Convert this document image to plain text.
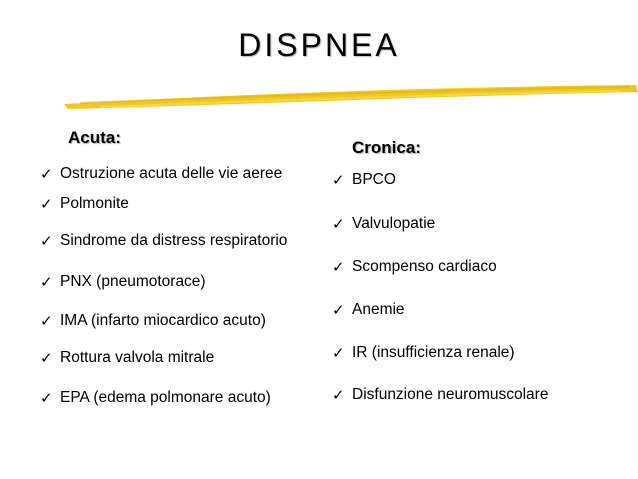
DISPNEA
Acuta:
Cronica:
✓ Ostruzione acuta delle vie aeree
✓ Polmonite
✓ Sindrome da distress respiratorio
✓ PNX (pneumotorace)
✓ IMA (infarto miocardico acuto)
✓ Rottura valvola mitrale
✓ EPA (edema polmonare acuto)
✓ BPCO
✓ Valvulopatie
✓ Scompenso cardiaco
✓ Anemie
✓ IR (insufficienza renale)
✓ Disfunzione neuromuscolare
